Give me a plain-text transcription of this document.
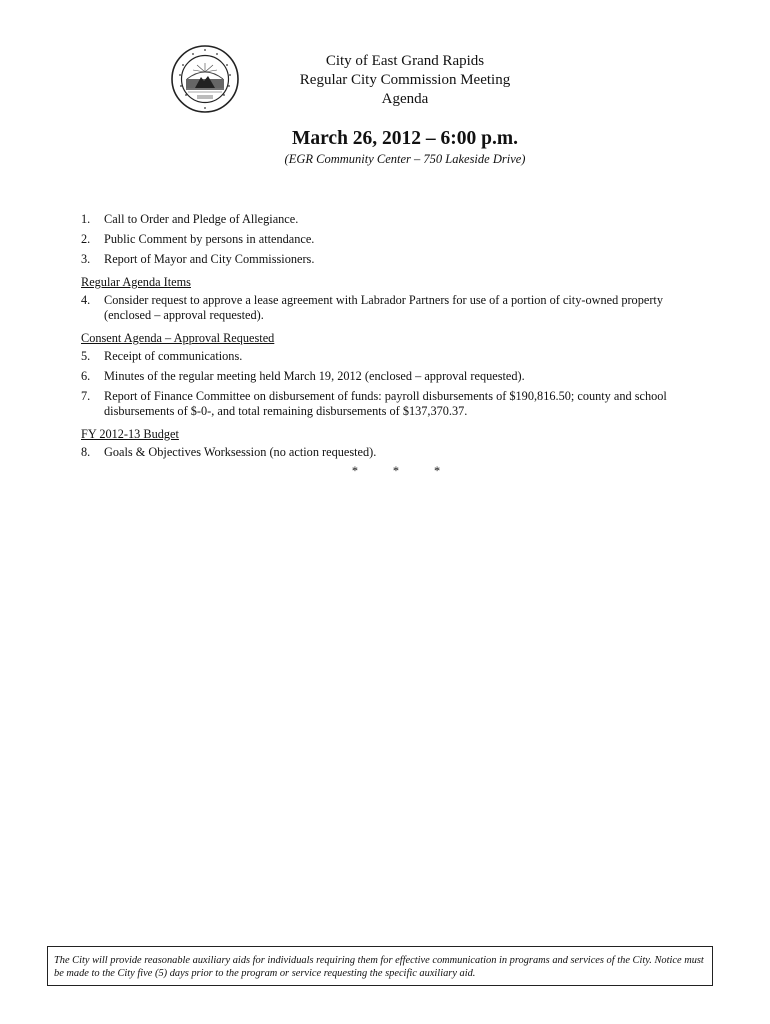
City of East Grand Rapids
Regular City Commission Meeting
Agenda
March 26, 2012 – 6:00 p.m.
(EGR Community Center – 750 Lakeside Drive)
1.	Call to Order and Pledge of Allegiance.
2.	Public Comment by persons in attendance.
3.	Report of Mayor and City Commissioners.
Regular Agenda Items
4.	Consider request to approve a lease agreement with Labrador Partners for use of a portion of city-owned property (enclosed – approval requested).
Consent Agenda – Approval Requested
5.	Receipt of communications.
6.	Minutes of the regular meeting held March 19, 2012 (enclosed – approval requested).
7.	Report of Finance Committee on disbursement of funds: payroll disbursements of $190,816.50; county and school disbursements of $-0-, and total remaining disbursements of $137,370.37.
FY 2012-13 Budget
8.	Goals & Objectives Worksession (no action requested).
*	*	*
The City will provide reasonable auxiliary aids for individuals requiring them for effective communication in programs and services of the City. Notice must be made to the City five (5) days prior to the program or service requesting the specific auxiliary aid.
